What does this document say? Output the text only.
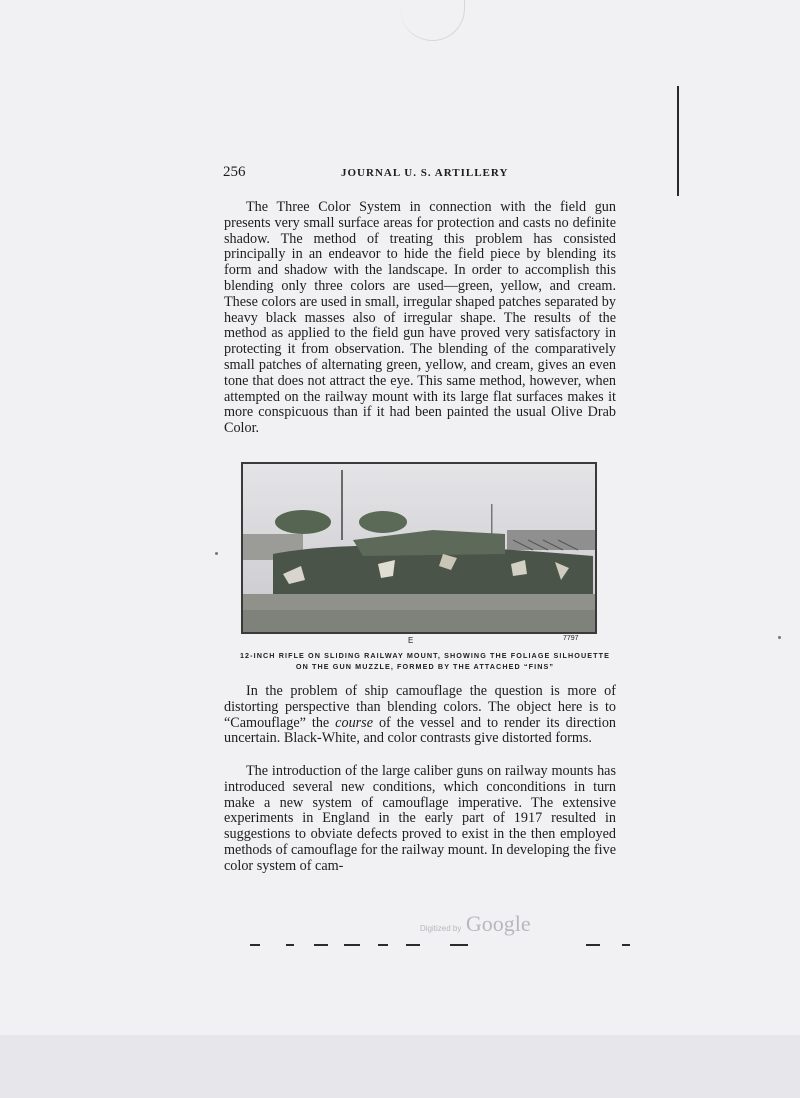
256	JOURNAL U. S. ARTILLERY

The Three Color System in connection with the field gun presents very small surface areas for protection and casts no definite shadow. The method of treating this problem has consisted principally in an endeavor to hide the field piece by blending its form and shadow with the landscape. In order to accomplish this blending only three colors are used—green, yellow, and cream. These colors are used in small, irregular shaped patches separated by heavy black masses also of irregular shape. The results of the method as applied to the field gun have proved very satisfactory in protecting it from observation. The blending of the comparatively small patches of alternating green, yellow, and cream, gives an even tone that does not attract the eye. This same method, however, when attempted on the railway mount with its large flat surfaces makes it more conspicuous than if it had been painted the usual Olive Drab Color.

E	7797
12-INCH RIFLE ON SLIDING RAILWAY MOUNT, SHOWING THE FOLIAGE SILHOUETTE
ON THE GUN MUZZLE, FORMED BY THE ATTACHED “FINS”

In the problem of ship camouflage the question is more of distorting perspective than blending colors. The object here is to “Camouflage” the course of the vessel and to render its direction uncertain. Black-White, and color contrasts give distorted forms.

The introduction of the large caliber guns on railway mounts has introduced several new conditions, which conconditions in turn make a new system of camouflage imperative. The extensive experiments in England in the early part of 1917 resulted in suggestions to obviate defects proved to exist in the then employed methods of camouflage for the railway mount. In developing the five color system of cam-

Digitized by Google
